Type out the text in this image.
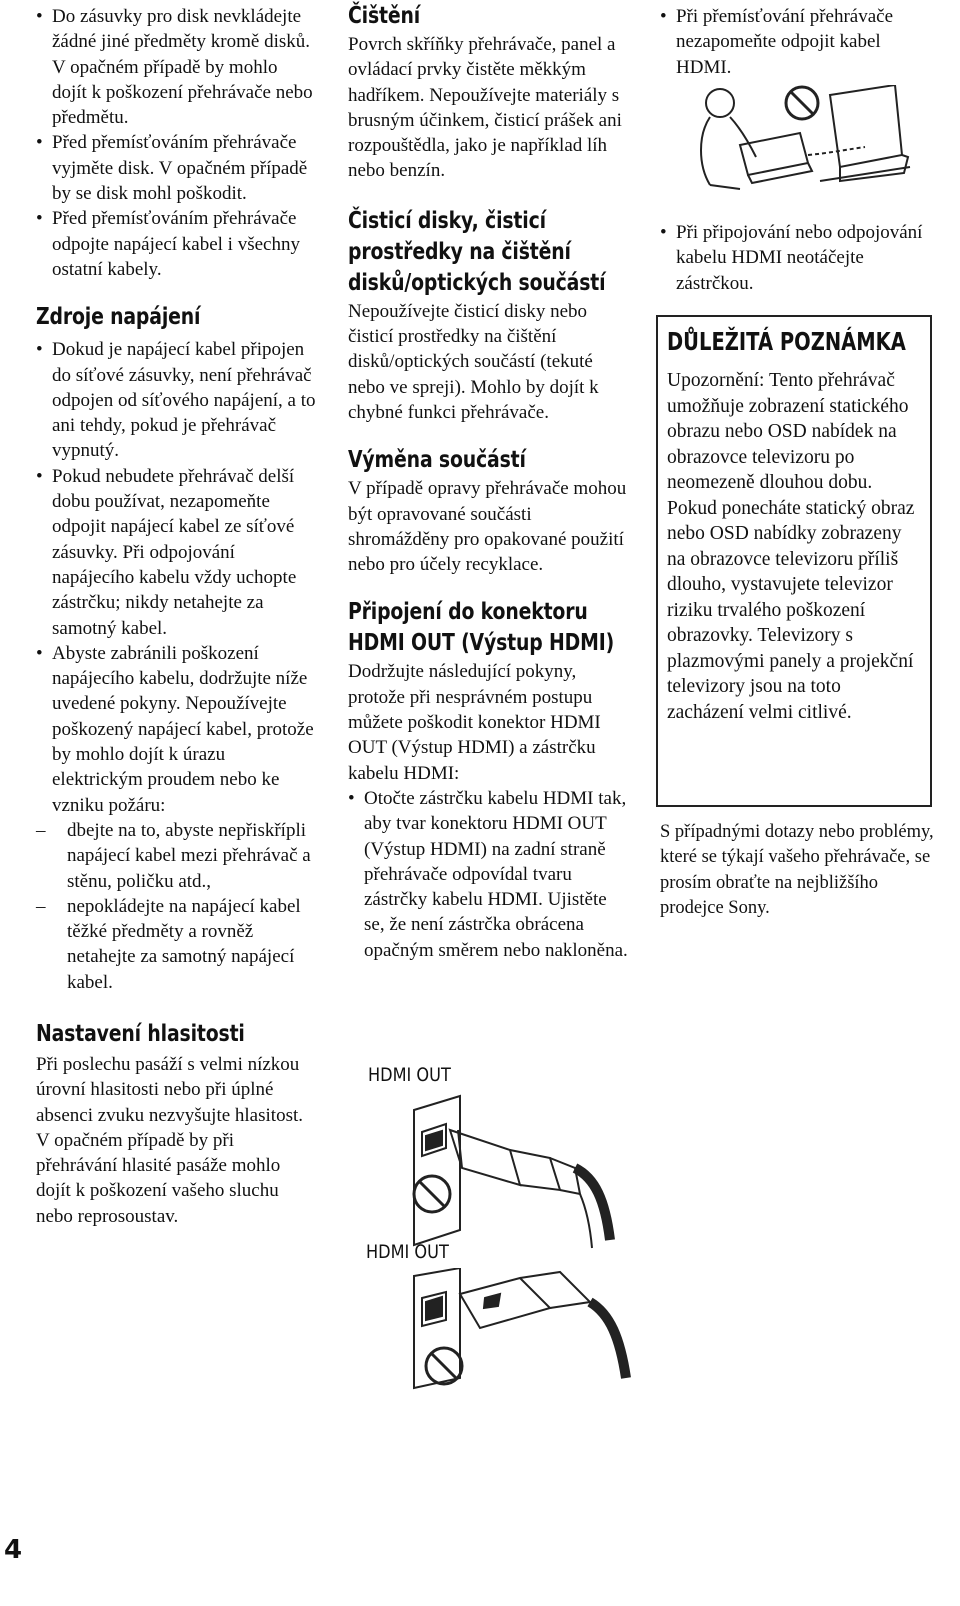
• Do zásuvky pro disk nevkládejte žádné jiné předměty kromě disků. V opačném případě by mohlo dojít k poškození přehrávače nebo předmětu.
• Před přemísťováním přehrávače vyjměte disk. V opačném případě by se disk mohl poškodit.
• Před přemísťováním přehrávače odpojte napájecí kabel i všechny ostatní kabely.
Zdroje napájení
• Dokud je napájecí kabel připojen do síťové zásuvky, není přehrávač odpojen od síťového napájení, a to ani tehdy, pokud je přehrávač vypnutý.
• Pokud nebudete přehrávač delší dobu používat, nezapomeňte odpojit napájecí kabel ze síťové zásuvky. Při odpojování napájecího kabelu vždy uchopte zástrčku; nikdy netahejte za samotný kabel.
• Abyste zabránili poškození napájecího kabelu, dodržujte níže uvedené pokyny. Nepoužívejte poškozený napájecí kabel, protože by mohlo dojít k úrazu elektrickým proudem nebo ke vzniku požáru:
– dbejte na to, abyste nepřiskřípli napájecí kabel mezi přehrávač a stěnu, poličku atd.,
– nepokládejte na napájecí kabel těžké předměty a rovněž netahejte za samotný napájecí kabel.
Nastavení hlasitosti
Při poslechu pasáží s velmi nízkou úrovní hlasitosti nebo při úplné absenci zvuku nezvyšujte hlasitost. V opačném případě by při přehrávání hlasité pasáže mohlo dojít k poškození vašeho sluchu nebo reprosoustav.
Čištění
Povrch skříňky přehrávače, panel a ovládací prvky čistěte měkkým hadříkem. Nepoužívejte materiály s brusným účinkem, čisticí prášek ani rozpouštědla, jako je například líh nebo benzín.
Čisticí disky, čisticí
prostředky na čištění
disků/optických součástí
Nepoužívejte čisticí disky nebo čisticí prostředky na čištění disků/optických součástí (tekuté nebo ve spreji). Mohlo by dojít k chybné funkci přehrávače.
Výměna součástí
V případě opravy přehrávače mohou být opravované součásti shromážděny pro opakované použití nebo pro účely recyklace.
Připojení do konektoru
HDMI OUT (Výstup HDMI)
Dodržujte následující pokyny, protože při nesprávném postupu můžete poškodit konektor HDMI OUT (Výstup HDMI) a zástrčku kabelu HDMI:
• Otočte zástrčku kabelu HDMI tak, aby tvar konektoru HDMI OUT (Výstup HDMI) na zadní straně přehrávače odpovídal tvaru zástrčky kabelu HDMI. Ujistěte se, že není zástrčka obrácena opačným směrem nebo nakloněna.
HDMI OUT
HDMI OUT
• Při přemísťování přehrávače nezapomeňte odpojit kabel HDMI.
• Při připojování nebo odpojování kabelu HDMI neotáčejte zástrčkou.
DŮLEŽITÁ POZNÁMKA
Upozornění: Tento přehrávač umožňuje zobrazení statického obrazu nebo OSD nabídek na obrazovce televizoru po neomezeně dlouhou dobu. Pokud ponecháte statický obraz nebo OSD nabídky zobrazeny na obrazovce televizoru příliš dlouho, vystavujete televizor riziku trvalého poškození obrazovky. Televizory s plazmovými panely a projekční televizory jsou na toto zacházení velmi citlivé.
S případnými dotazy nebo problémy, které se týkají vašeho přehrávače, se prosím obraťte na nejbližšího prodejce Sony.
4
